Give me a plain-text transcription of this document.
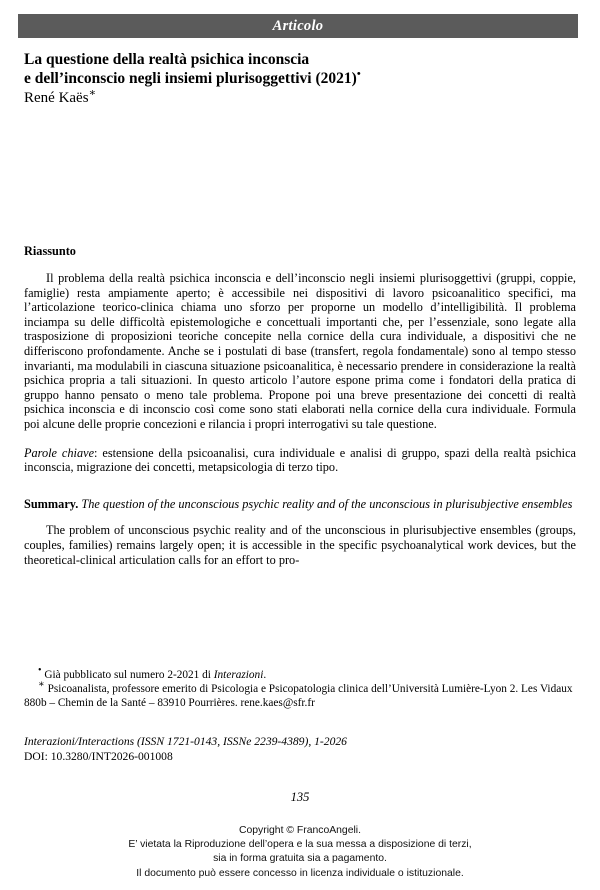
Articolo
La questione della realtà psichica inconscia
e dell’inconscio negli insiemi plurisoggettivi (2021)•

René Kaës∗

Riassunto

Il problema della realtà psichica inconscia e dell’inconscio negli insiemi plurisoggettivi (gruppi, coppie, famiglie) resta ampiamente aperto; è accessibile nei dispositivi di lavoro psicoanalitico specifici, ma l’articolazione teorico-clinica chiama uno sforzo per proporne un modello d’intelligibilità. Il problema inciampa su delle difficoltà epistemologiche e concettuali importanti che, per l’essenziale, sono legate alla trasposizione di proposizioni teoriche concepite nella cornice della cura individuale, a dispositivi che ne differiscono profondamente. Anche se i postulati di base (transfert, regola fondamentale) sono al tempo stesso invarianti, ma modulabili in ciascuna situazione psicoanalitica, è necessario prendere in considerazione la realtà psichica propria a tali situazioni. In questo articolo l’autore espone prima come i fondatori della pratica di gruppo hanno pensato o meno tale problema. Propone poi una breve presentazione dei concetti di realtà psichica inconscia e di inconscio così come sono stati elaborati nella cornice della cura individuale. Formula poi alcune delle proprie concezioni e rilancia i propri interrogativi su tale questione.

Parole chiave: estensione della psicoanalisi, cura individuale e analisi di gruppo, spazi della realtà psichica inconscia, migrazione dei concetti, metapsicologia di terzo tipo.

Summary. The question of the unconscious psychic reality and of the unconscious in plurisubjective ensembles

The problem of unconscious psychic reality and of the unconscious in plurisubjective ensembles (groups, couples, families) remains largely open; it is accessible in the specific psychoanalytical work devices, but the theoretical-clinical articulation calls for an effort to pro-

• Già pubblicato sul numero 2-2021 di Interazioni.

∗ Psicoanalista, professore emerito di Psicologia e Psicopatologia clinica dell’Università Lumière-Lyon 2. Les Vidaux 880b – Chemin de la Santé – 83910 Pourrières. rene.kaes@sfr.fr

Interazioni/Interactions (ISSN 1721-0143, ISSNe 2239-4389), 1-2026

DOI: 10.3280/INT2026-001008

135

Copyright © FrancoAngeli.

E’ vietata la Riproduzione dell’opera e la sua messa a disposizione di terzi,

sia in forma gratuita sia a pagamento.

Il documento può essere concesso in licenza individuale o istituzionale.
